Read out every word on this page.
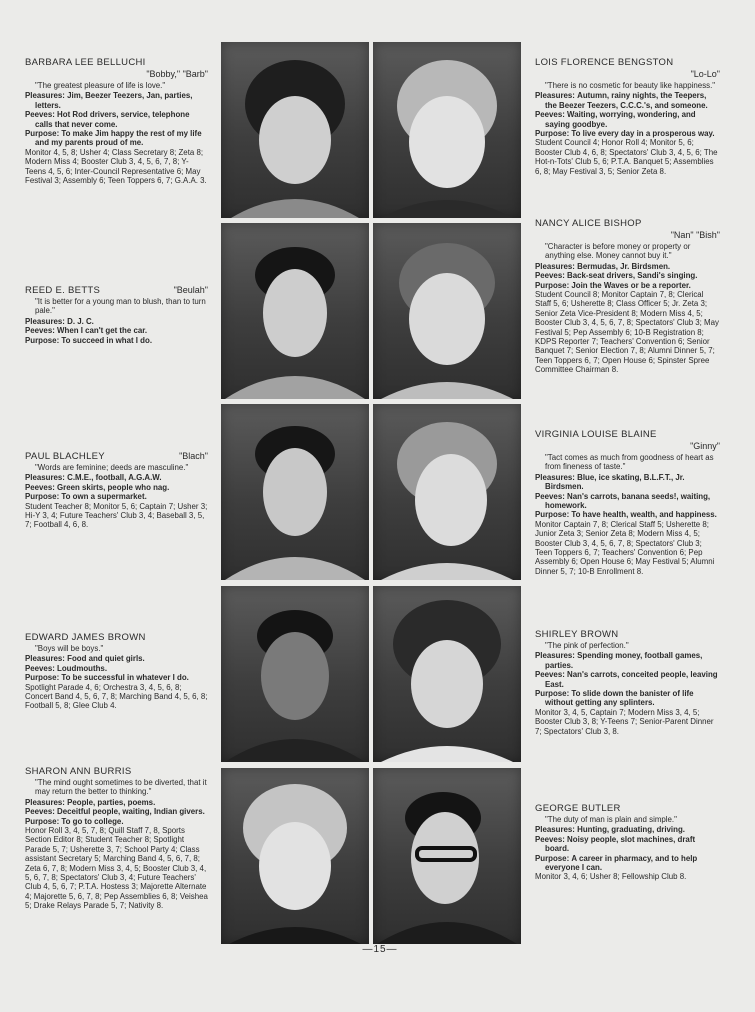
BARBARA LEE BELLUCHI
"Bobby," "Barb"
"The greatest pleasure of life is love."
Pleasures: Jim, Beezer Teezers, Jan, parties, letters.
Peeves: Hot Rod drivers, service, telephone calls that never come.
Purpose: To make Jim happy the rest of my life and my parents proud of me.
Monitor 4, 5, 8; Usher 4; Class Secretary 8; Zeta 8; Modern Miss 4; Booster Club 3, 4, 5, 6, 7, 8; Y-Teens 4, 5, 6; Inter-Council Representative 6; May Festival 3; Assembly 6; Teen Toppers 6, 7; G.A.A. 3.
REED E. BETTS	"Beulah"
"It is better for a young man to blush, than to turn pale."
Pleasures: D. J. C.
Peeves: When I can't get the car.
Purpose: To succeed in what I do.
PAUL BLACHLEY	"Blach"
"Words are feminine; deeds are masculine."
Pleasures: C.M.E., football, A.G.A.W.
Peeves: Green skirts, people who nag.
Purpose: To own a supermarket.
Student Teacher 8; Monitor 5, 6; Captain 7; Usher 3; Hi-Y 3, 4; Future Teachers' Club 3, 4; Baseball 3, 5, 7; Football 4, 6, 8.
EDWARD JAMES BROWN
"Boys will be boys."
Pleasures: Food and quiet girls.
Peeves: Loudmouths.
Purpose: To be successful in whatever I do.
Spotlight Parade 4, 6; Orchestra 3, 4, 5, 6, 8; Concert Band 4, 5, 6, 7, 8; Marching Band 4, 5, 6, 8; Football 5, 8; Glee Club 4.
SHARON ANN BURRIS
"The mind ought sometimes to be diverted, that it may return the better to thinking."
Pleasures: People, parties, poems.
Peeves: Deceitful people, waiting, Indian givers.
Purpose: To go to college.
Honor Roll 3, 4, 5, 7, 8; Quill Staff 7, 8, Sports Section Editor 8; Student Teacher 8; Spotlight Parade 5, 7; Usherette 3, 7; School Party 4; Class assistant Secretary 5; Marching Band 4, 5, 6, 7, 8; Zeta 6, 7, 8; Modern Miss 3, 4, 5; Booster Club 3, 4, 5, 6, 7, 8; Spectators' Club 3, 4; Future Teachers' Club 4, 5, 6, 7; P.T.A. Hostess 3; Majorette Alternate 4; Majorette 5, 6, 7, 8; Pep Assemblies 6, 8; Veishea 5; Drake Relays Parade 5, 7; Nativity 8.
LOIS FLORENCE BENGSTON
"Lo-Lo"
"There is no cosmetic for beauty like happiness."
Pleasures: Autumn, rainy nights, the Teepers, the Beezer Teezers, C.C.C.'s, and someone.
Peeves: Waiting, worrying, wondering, and saying goodbye.
Purpose: To live every day in a prosperous way.
Student Council 4; Honor Roll 4; Monitor 5, 6; Booster Club 4, 6, 8; Spectators' Club 3, 4, 5, 6; The Hot-n-Tots' Club 5, 6; P.T.A. Banquet 5; Assemblies 6, 8; May Festival 3, 5; Senior Zeta 8.
NANCY ALICE BISHOP
"Nan" "Bish"
"Character is before money or property or anything else. Money cannot buy it."
Pleasures: Bermudas, Jr. Birdsmen.
Peeves: Back-seat drivers, Sandi's singing.
Purpose: Join the Waves or be a reporter.
Student Council 8; Monitor Captain 7, 8; Clerical Staff 5, 6; Usherette 8; Class Officer 5; Jr. Zeta 3; Senior Zeta Vice-President 8; Modern Miss 4, 5; Booster Club 3, 4, 5, 6, 7, 8; Spectators' Club 3; May Festival 5; Pep Assembly 6; 10-B Registration 8; KDPS Reporter 7; Teachers' Convention 6; Senior Banquet 7; Senior Election 7, 8; Alumni Dinner 5, 7; Teen Toppers 6, 7; Open House 6; Spinster Spree Committee Chairman 8.
VIRGINIA LOUISE BLAINE
"Ginny"
"Tact comes as much from goodness of heart as from fineness of taste."
Pleasures: Blue, ice skating, B.L.F.T., Jr. Birdsmen.
Peeves: Nan's carrots, banana seeds!, waiting, homework.
Purpose: To have health, wealth, and happiness.
Monitor Captain 7, 8; Clerical Staff 5; Usherette 8; Junior Zeta 3; Senior Zeta 8; Modern Miss 4, 5; Booster Club 3, 4, 5, 6, 7, 8; Spectators' Club 3; Teen Toppers 6, 7; Teachers' Convention 6; Pep Assembly 6; Open House 6; May Festival 5; Alumni Dinner 5, 7; 10-B Enrollment 8.
SHIRLEY BROWN
"The pink of perfection."
Pleasures: Spending money, football games, parties.
Peeves: Nan's carrots, conceited people, leaving East.
Purpose: To slide down the banister of life without getting any splinters.
Monitor 3, 4, 5, Captain 7; Modern Miss 3, 4, 5; Booster Club 3, 8; Y-Teens 7; Senior-Parent Dinner 7; Spectators' Club 3, 8.
GEORGE BUTLER
"The duty of man is plain and simple."
Pleasures: Hunting, graduating, driving.
Peeves: Noisy people, slot machines, draft board.
Purpose: A career in pharmacy, and to help everyone I can.
Monitor 3, 4, 6; Usher 8; Fellowship Club 8.
—15—
